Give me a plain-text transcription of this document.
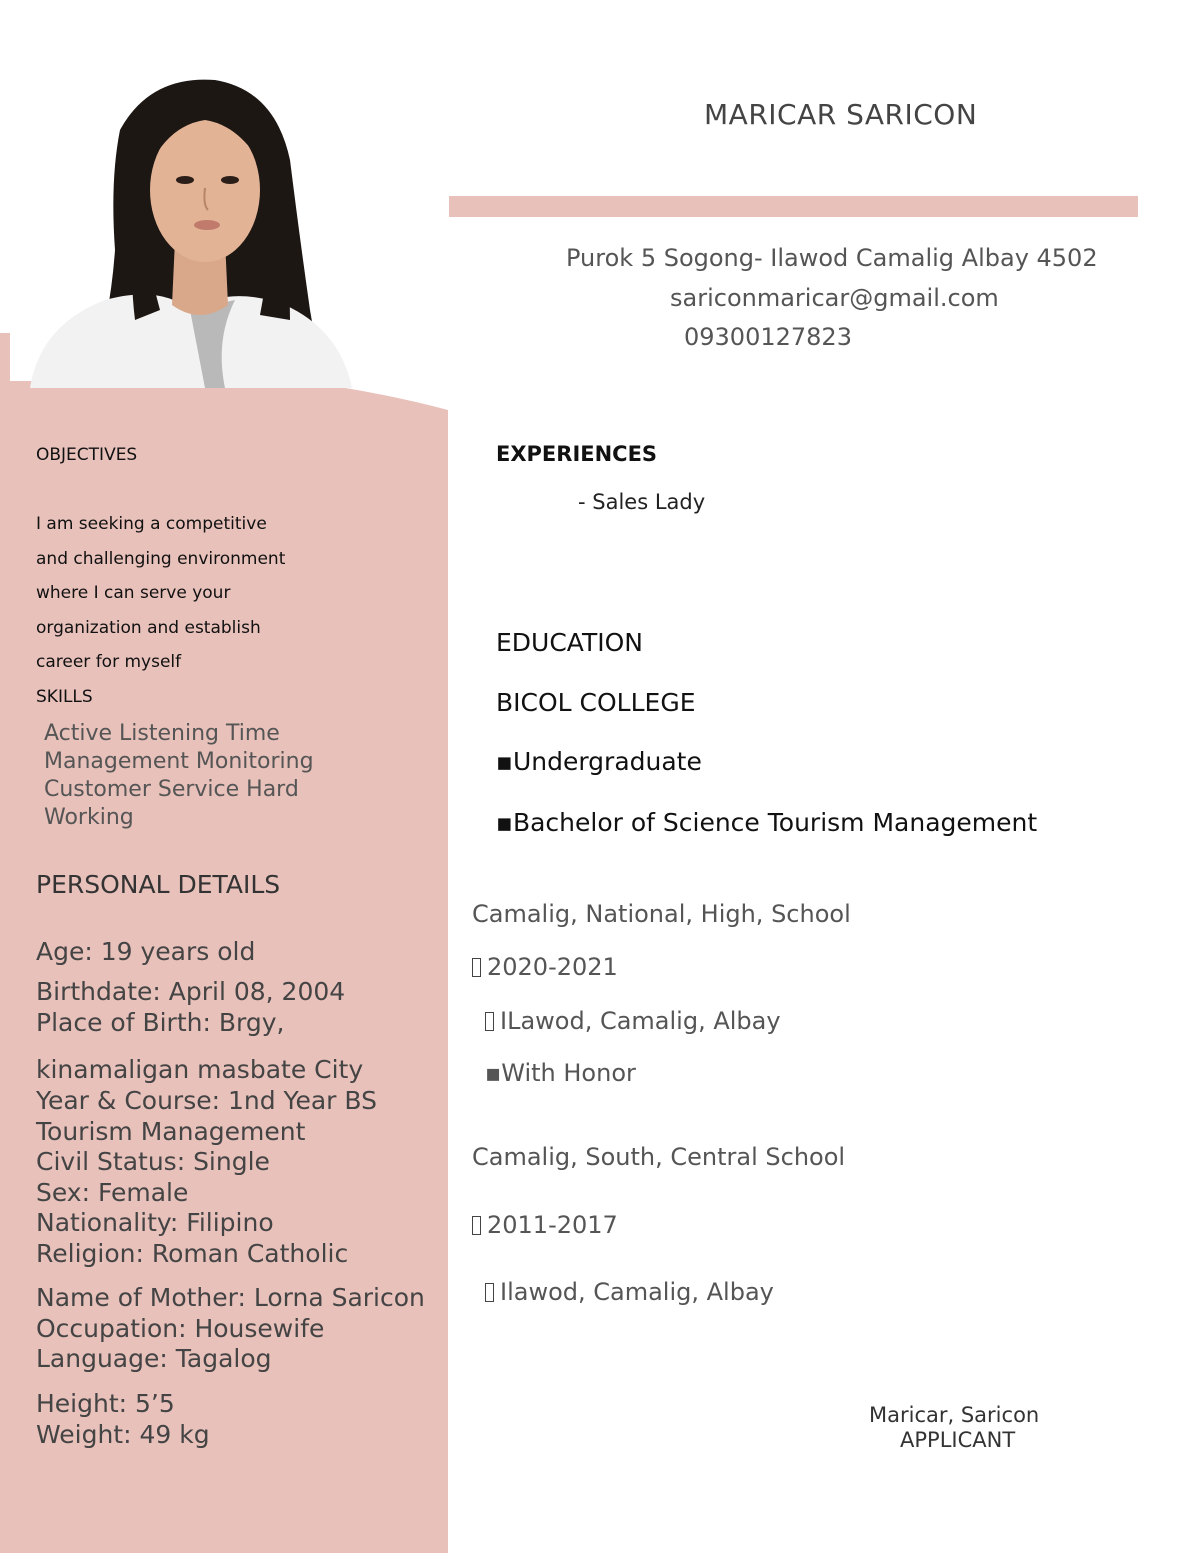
OBJECTIVES

I am seeking a competitive

and challenging environment

where I can serve your

organization and establish

career for myself

SKILLS

Active Listening Time

Management Monitoring

Customer Service Hard

Working

PERSONAL DETAILS

Age: 19 years old

Birthdate: April 08, 2004

Place of Birth: Brgy,

kinamaligan masbate City

Year & Course: 1nd Year BS

Tourism Management

Civil Status: Single

Sex: Female

Nationality: Filipino

Religion: Roman Catholic

Name of Mother: Lorna Saricon

Occupation: Housewife

Language: Tagalog

Height: 5’5

Weight: 49 kg

MARICAR SARICON

Purok 5 Sogong- Ilawod Camalig Albay 4502

sariconmaricar@gmail.com

09300127823

EXPERIENCES

- Sales Lady

EDUCATION

BICOL COLLEGE

▪Undergraduate

▪Bachelor of Science Tourism Management

Camalig, National, High, School

2020-2021

ILawod, Camalig, Albay

▪With Honor

Camalig, South, Central School

2011-2017

Ilawod, Camalig, Albay

Maricar, Saricon

APPLICANT
